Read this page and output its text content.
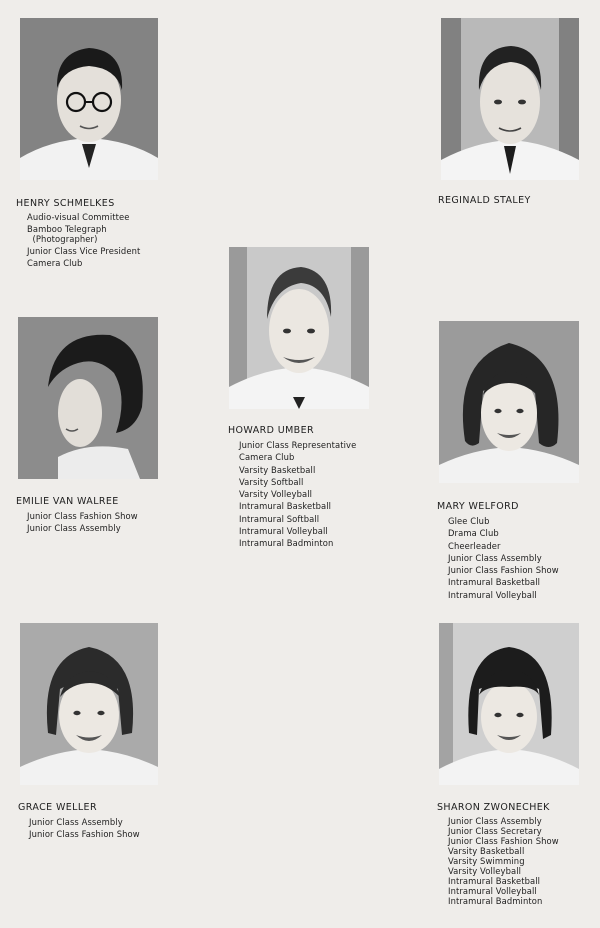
HENRY SCHMELKES
Audio-visual Committee
Bamboo Telegraph
(Photographer)
Junior Class Vice President
Camera Club
REGINALD STALEY
HOWARD UMBER
Junior Class Representative
Camera Club
Varsity Basketball
Varsity Softball
Varsity Volleyball
Intramural Basketball
Intramural Softball
Intramural Volleyball
Intramural Badminton
EMILIE VAN WALREE
Junior Class Fashion Show
Junior Class Assembly
MARY WELFORD
Glee Club
Drama Club
Cheerleader
Junior Class Assembly
Junior Class Fashion Show
Intramural Basketball
Intramural Volleyball
GRACE WELLER
Junior Class Assembly
Junior Class Fashion Show
SHARON ZWONECHEK
Junior Class Assembly
Junior Class Secretary
Junior Class Fashion Show
Varsity Basketball
Varsity Swimming
Varsity Volleyball
Intramural Basketball
Intramural Volleyball
Intramural Badminton
